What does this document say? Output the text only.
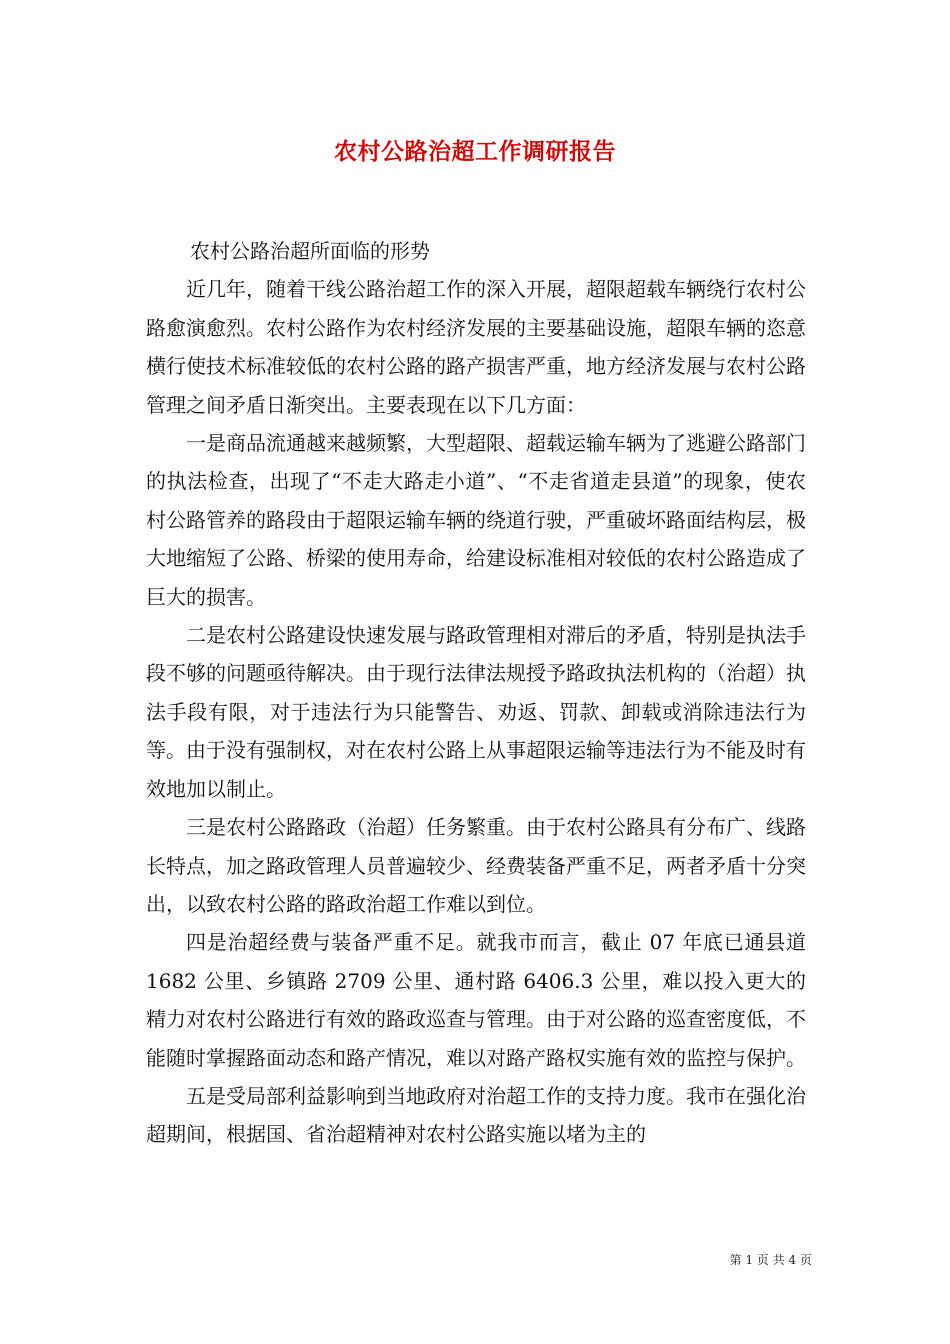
农村公路治超工作调研报告

农村公路治超所面临的形势

近几年，随着干线公路治超工作的深入开展，超限超载车辆绕行农村公路愈演愈烈。农村公路作为农村经济发展的主要基础设施，超限车辆的恣意横行使技术标准较低的农村公路的路产损害严重，地方经济发展与农村公路管理之间矛盾日渐突出。主要表现在以下几方面：

一是商品流通越来越频繁，大型超限、超载运输车辆为了逃避公路部门的执法检查，出现了“不走大路走小道”、“不走省道走县道”的现象，使农村公路管养的路段由于超限运输车辆的绕道行驶，严重破坏路面结构层，极大地缩短了公路、桥梁的使用寿命，给建设标准相对较低的农村公路造成了巨大的损害。

二是农村公路建设快速发展与路政管理相对滞后的矛盾，特别是执法手段不够的问题亟待解决。由于现行法律法规授予路政执法机构的（治超）执法手段有限，对于违法行为只能警告、劝返、罚款、卸载或消除违法行为等。由于没有强制权，对在农村公路上从事超限运输等违法行为不能及时有效地加以制止。

三是农村公路路政（治超）任务繁重。由于农村公路具有分布广、线路长特点，加之路政管理人员普遍较少、经费装备严重不足，两者矛盾十分突出，以致农村公路的路政治超工作难以到位。

四是治超经费与装备严重不足。就我市而言，截止 07 年底已通县道 1682 公里、乡镇路 2709 公里、通村路 6406.3 公里，难以投入更大的精力对农村公路进行有效的路政巡查与管理。由于对公路的巡查密度低，不能随时掌握路面动态和路产情况，难以对路产路权实施有效的监控与保护。

五是受局部利益影响到当地政府对治超工作的支持力度。我市在强化治超期间，根据国、省治超精神对农村公路实施以堵为主的

第 1 页 共 4 页
